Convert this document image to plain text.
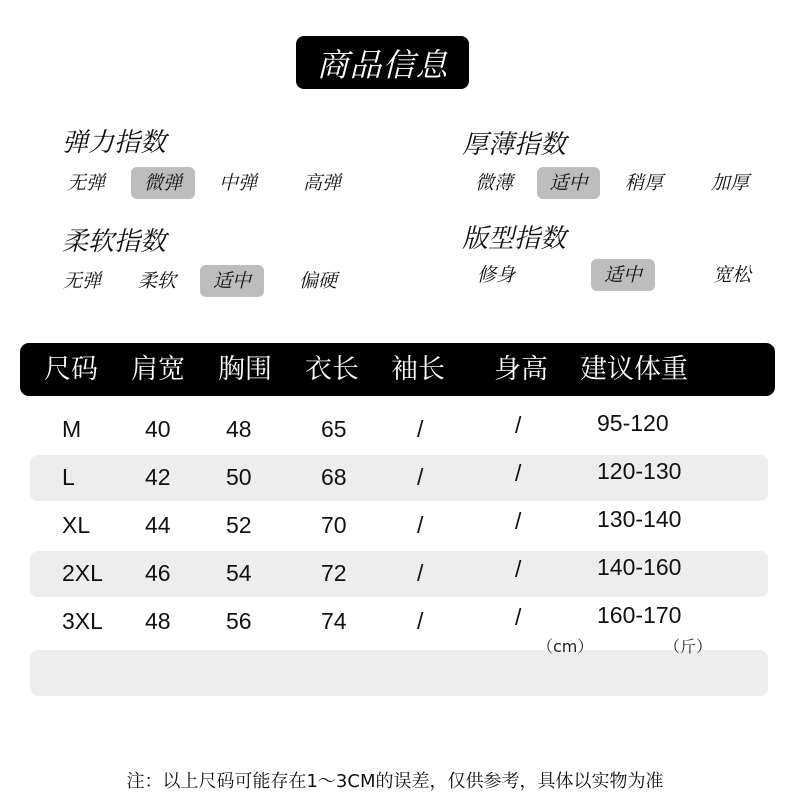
商品信息
弹力指数
无弹	微弹	中弹	高弹
厚薄指数
微薄	适中	稍厚	加厚
柔软指数
无弹	柔软	适中	偏硬
版型指数
修身	适中	宽松
尺码 肩宽 胸围 衣长 袖长 身高 建议体重
M	40 48	65	/	/	95-120
L	42 50	68	/	/	120-130
XL 44 52	70	/	/	130-140
2XL 46 54	72	/	/	140-160
3XL 48 56	74	/	/	160-170
（cm）	（斤）
注：以上尺码可能存在1～3CM的误差，仅供参考，具体以实物为准
